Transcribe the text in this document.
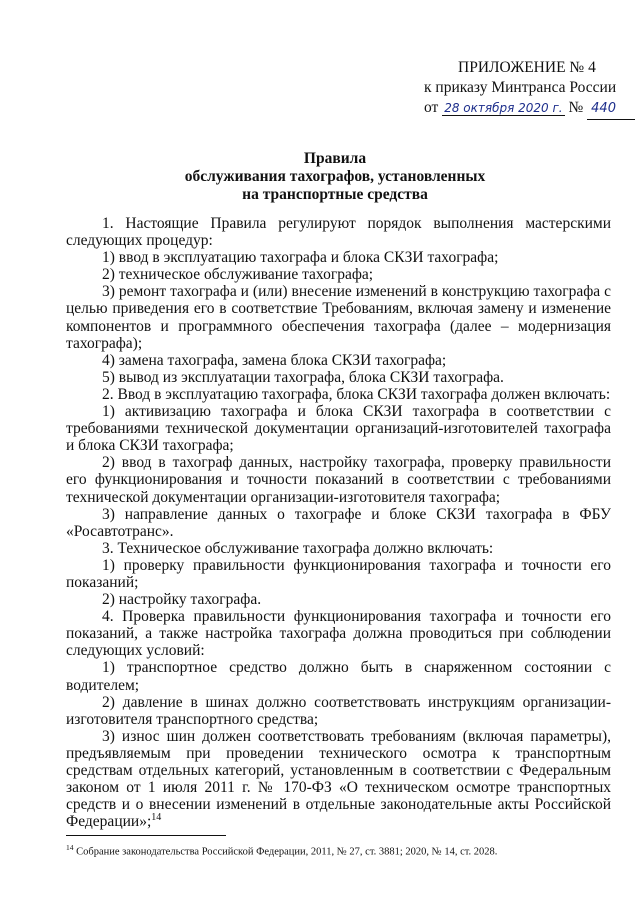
ПРИЛОЖЕНИЕ № 4
к приказу Минтранса России
от 28 октября 2020 г. № 440
Правила
обслуживания тахографов, установленных
на транспортные средства

1. Настоящие Правила регулируют порядок выполнения мастерскими следующих процедур:

1) ввод в эксплуатацию тахографа и блока СКЗИ тахографа;

2) техническое обслуживание тахографа;

3) ремонт тахографа и (или) внесение изменений в конструкцию тахографа с целью приведения его в соответствие Требованиям, включая замену и изменение компонентов и программного обеспечения тахографа (далее – модернизация тахографа);

4) замена тахографа, замена блока СКЗИ тахографа;

5) вывод из эксплуатации тахографа, блока СКЗИ тахографа.

2. Ввод в эксплуатацию тахографа, блока СКЗИ тахографа должен включать:

1) активизацию тахографа и блока СКЗИ тахографа в соответствии с требованиями технической документации организаций-изготовителей тахографа и блока СКЗИ тахографа;

2) ввод в тахограф данных, настройку тахографа, проверку правильности его функционирования и точности показаний в соответствии с требованиями технической документации организации-изготовителя тахографа;

3) направление данных о тахографе и блоке СКЗИ тахографа в ФБУ «Росавтотранс».

3. Техническое обслуживание тахографа должно включать:

1) проверку правильности функционирования тахографа и точности его показаний;

2) настройку тахографа.

4. Проверка правильности функционирования тахографа и точности его показаний, а также настройка тахографа должна проводиться при соблюдении следующих условий:

1) транспортное средство должно быть в снаряженном состоянии с водителем;

2) давление в шинах должно соответствовать инструкциям организации-изготовителя транспортного средства;

3) износ шин должен соответствовать требованиям (включая параметры), предъявляемым при проведении технического осмотра к транспортным средствам отдельных категорий, установленным в соответствии с Федеральным законом от 1 июля 2011 г. № 170-ФЗ «О техническом осмотре транспортных средств и о внесении изменений в отдельные законодательные акты Российской Федерации»;$^{14}$

$^{14}$ Собрание законодательства Российской Федерации, 2011, № 27, ст. 3881; 2020, № 14, ст. 2028.
